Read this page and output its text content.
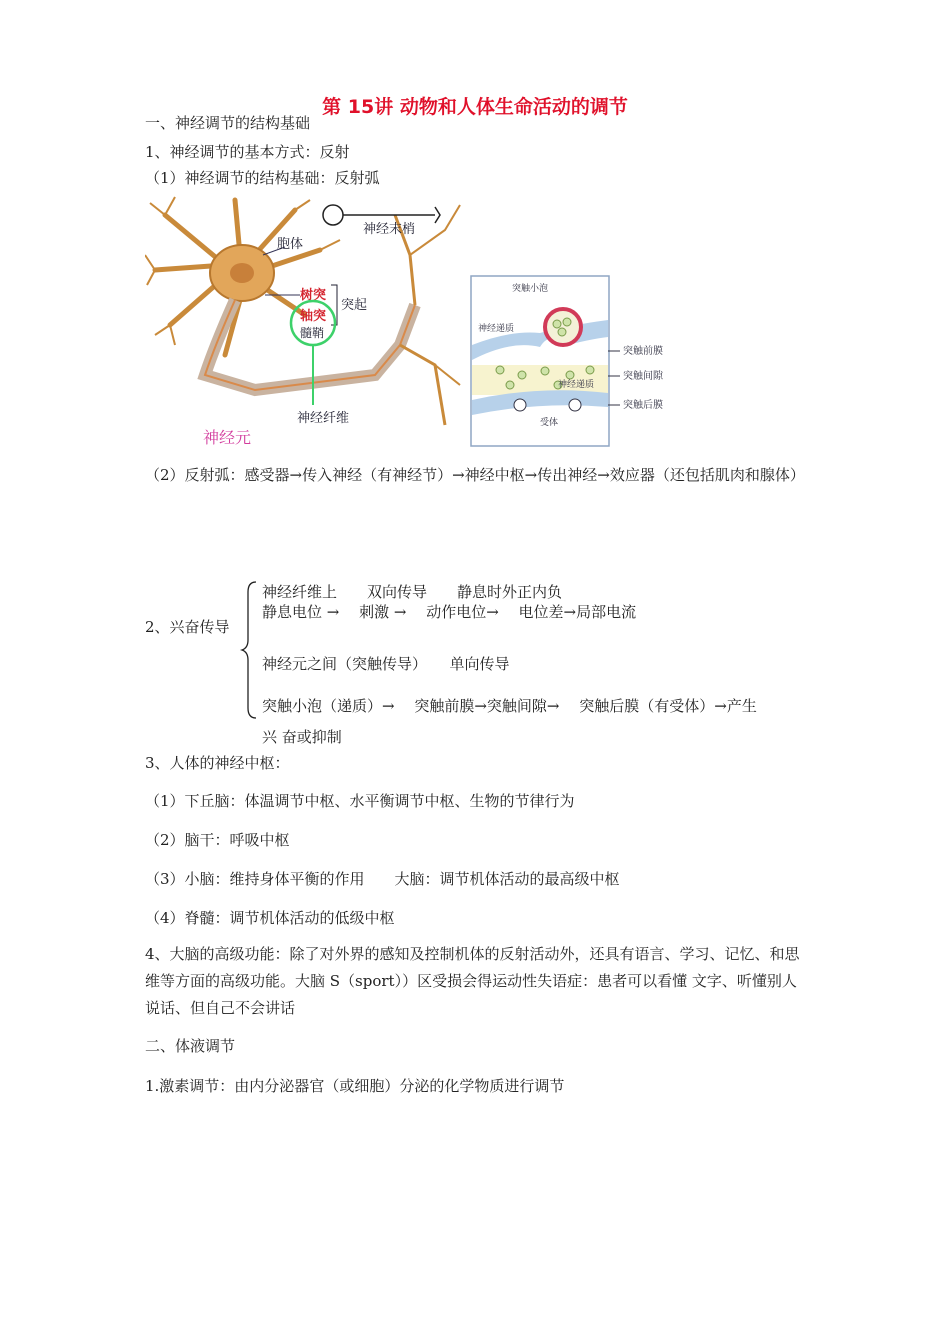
第 15讲 动物和人体生命活动的调节
一、神经调节的结构基础
1、神经调节的基本方式：反射
（1）神经调节的结构基础：反射弧
神经末梢
胞体
树突
突起
轴突
髓鞘
神经纤维
神经元
突触小泡
神经递质
神经递质
受体
突触前膜
突触间隙
突触后膜
（2）反射弧：感受器→传入神经（有神经节）→神经中枢→传出神经→效应器（还包括肌肉和腺体）
2、兴奋传导
神经纤维上　　双向传导　　静息时外正内负
静息电位 →　 刺激 →　 动作电位→　 电位差→局部电流
神经元之间（突触传导）　　单向传导
突触小泡（递质）→　 突触前膜→突触间隙→　 突触后膜（有受体）→产生
兴 奋或抑制
3、人体的神经中枢：
（1）下丘脑：体温调节中枢、水平衡调节中枢、生物的节律行为
（2）脑干：呼吸中枢
（3）小脑：维持身体平衡的作用　　大脑：调节机体活动的最高级中枢
（4）脊髓：调节机体活动的低级中枢
4、大脑的高级功能：除了对外界的感知及控制机体的反射活动外，还具有语言、学习、记忆、和思维等方面的高级功能。大脑 S（sport））区受损会得运动性失语症：患者可以看懂 文字、听懂别人说话、但自己不会讲话
二、体液调节
1.激素调节：由内分泌器官（或细胞）分泌的化学物质进行调节
